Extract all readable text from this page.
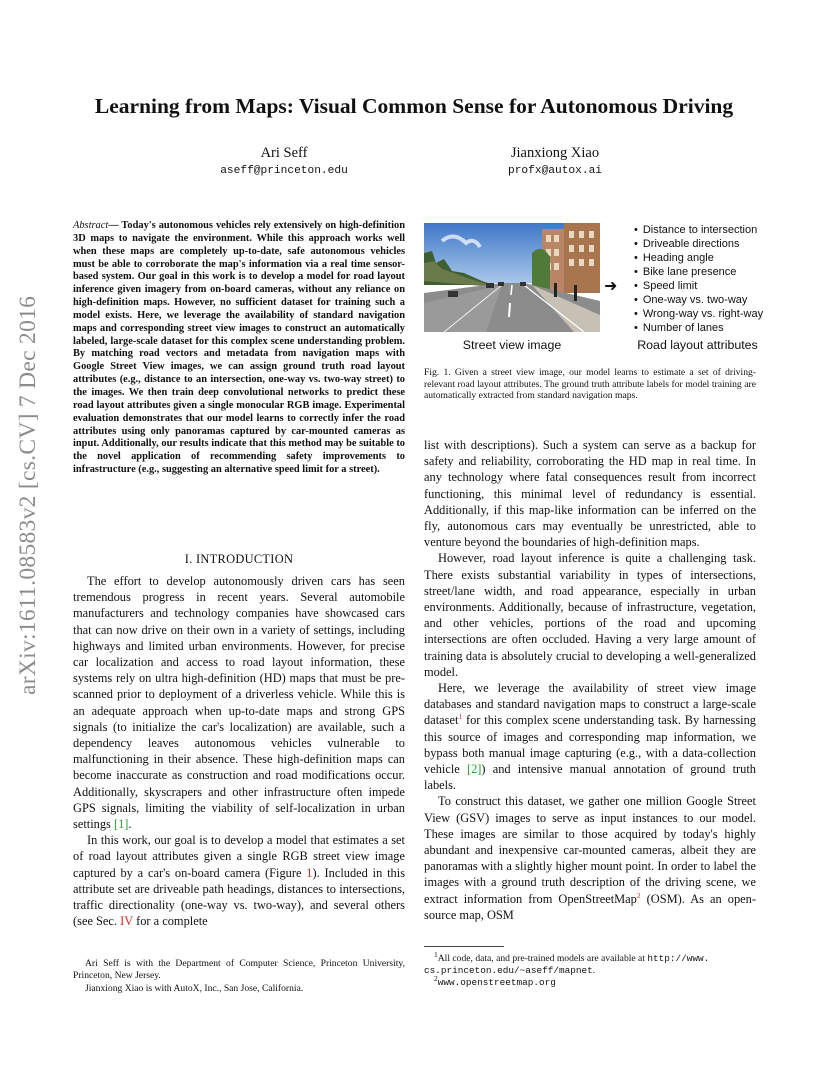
arXiv:1611.08583v2 [cs.CV] 7 Dec 2016
Learning from Maps: Visual Common Sense for Autonomous Driving
Ari Seff
aseff@princeton.edu
Jianxiong Xiao
profx@autox.ai
Abstract— Today's autonomous vehicles rely extensively on high-definition 3D maps to navigate the environment. While this approach works well when these maps are completely up-to-date, safe autonomous vehicles must be able to corroborate the map's information via a real time sensor-based system. Our goal in this work is to develop a model for road layout inference given imagery from on-board cameras, without any reliance on high-definition maps. However, no sufficient dataset for training such a model exists. Here, we leverage the availability of standard navigation maps and corresponding street view images to construct an automatically labeled, large-scale dataset for this complex scene understanding problem. By matching road vectors and metadata from navigation maps with Google Street View images, we can assign ground truth road layout attributes (e.g., distance to an intersection, one-way vs. two-way street) to the images. We then train deep convolutional networks to predict these road layout attributes given a single monocular RGB image. Experimental evaluation demonstrates that our model learns to correctly infer the road attributes using only panoramas captured by car-mounted cameras as input. Additionally, our results indicate that this method may be suitable to the novel application of recommending safety improvements to infrastructure (e.g., suggesting an alternative speed limit for a street).
I. INTRODUCTION

The effort to develop autonomously driven cars has seen tremendous progress in recent years. Several automobile manufacturers and technology companies have showcased cars that can now drive on their own in a variety of settings, including highways and limited urban environments. However, for precise car localization and access to road layout information, these systems rely on ultra high-definition (HD) maps that must be pre-scanned prior to deployment of a driverless vehicle. While this is an adequate approach when up-to-date maps and strong GPS signals (to initialize the car's localization) are available, such a dependency leaves autonomous vehicles vulnerable to malfunctioning in their absence. These high-definition maps can become inaccurate as construction and road modifications occur. Additionally, skyscrapers and other infrastructure often impede GPS signals, limiting the viability of self-localization in urban settings [1].

In this work, our goal is to develop a model that estimates a set of road layout attributes given a single RGB street view image captured by a car's on-board camera (Figure 1). Included in this attribute set are driveable path headings, distances to intersections, traffic directionality (one-way vs. two-way), and several others (see Sec. IV for a complete

Ari Seff is with the Department of Computer Science, Princeton University, Princeton, New Jersey.

Jianxiong Xiao is with AutoX, Inc., San Jose, California.

Street view image
➜
• Distance to intersection
• Driveable directions
• Heading angle
• Bike lane presence
• Speed limit
• One-way vs. two-way
• Wrong-way vs. right-way
• Number of lanes
Road layout attributes
Fig. 1. Given a street view image, our model learns to estimate a set of driving-relevant road layout attributes. The ground truth attribute labels for model training are automatically extracted from standard navigation maps.

list with descriptions). Such a system can serve as a backup for safety and reliability, corroborating the HD map in real time. In any technology where fatal consequences result from incorrect functioning, this minimal level of redundancy is essential. Additionally, if this map-like information can be inferred on the fly, autonomous cars may eventually be unrestricted, able to venture beyond the boundaries of high-definition maps.

However, road layout inference is quite a challenging task. There exists substantial variability in types of intersections, street/lane width, and road appearance, especially in urban environments. Additionally, because of infrastructure, vegetation, and other vehicles, portions of the road and upcoming intersections are often occluded. Having a very large amount of training data is absolutely crucial to developing a well-generalized model.

Here, we leverage the availability of street view image databases and standard navigation maps to construct a large-scale dataset$^1$ for this complex scene understanding task. By harnessing this source of images and corresponding map information, we bypass both manual image capturing (e.g., with a data-collection vehicle [2]) and intensive manual annotation of ground truth labels.

To construct this dataset, we gather one million Google Street View (GSV) images to serve as input instances to our model. These images are similar to those acquired by today's highly abundant and inexpensive car-mounted cameras, albeit they are panoramas with a slightly higher mount point. In order to label the images with a ground truth description of the driving scene, we extract information from OpenStreetMap$^2$ (OSM). As an open-source map, OSM

$^1$All code, data, and pre-trained models are available at http://www.
cs.princeton.edu/~aseff/mapnet.

$^2$www.openstreetmap.org
